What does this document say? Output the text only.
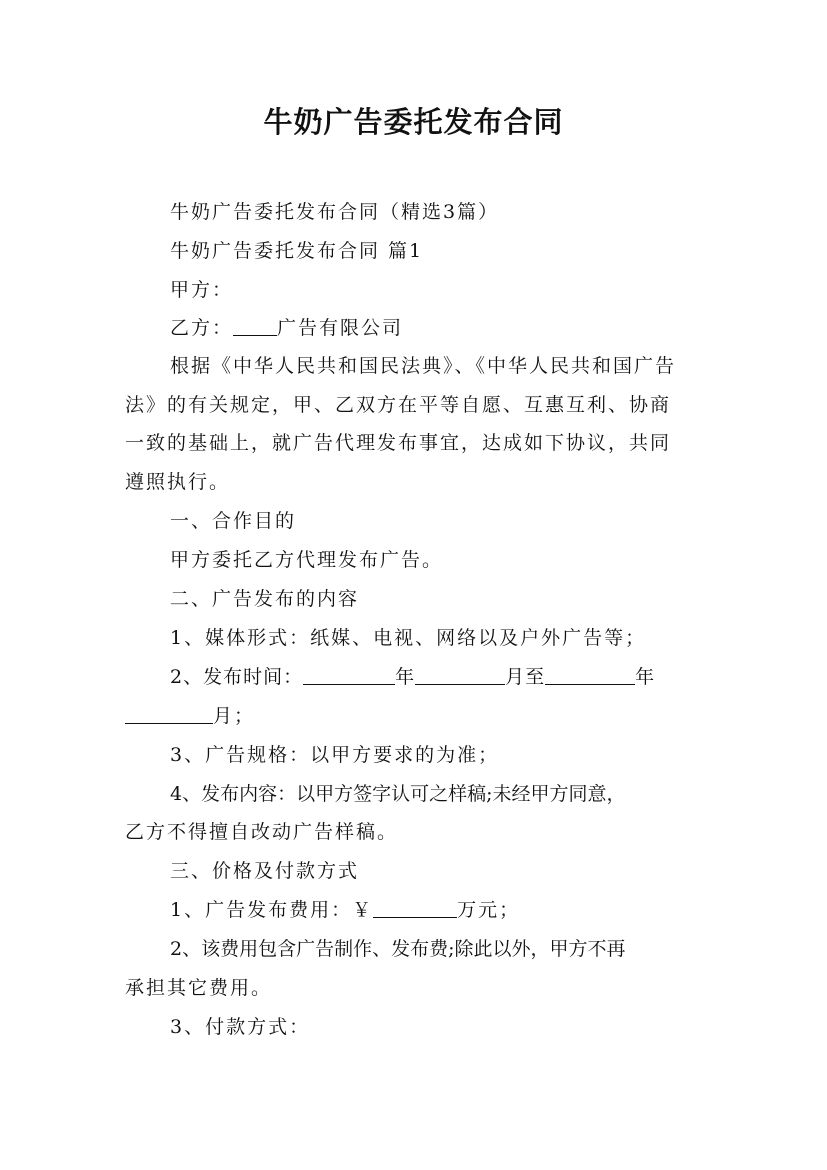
牛奶广告委托发布合同
牛奶广告委托发布合同（精选3篇）
牛奶广告委托发布合同 篇1
甲方：
乙方： 广告有限公司
根据《中华人民共和国民法典》、《中华人民共和国广告
法》的有关规定，甲、乙双方在平等自愿、互惠互利、协商
一致的基础上，就广告代理发布事宜，达成如下协议，共同
遵照执行。
一、合作目的
甲方委托乙方代理发布广告。
二、广告发布的内容
1、媒体形式：纸媒、电视、网络以及户外广告等；
2、发布时间：	年	月至	年
月；
3、广告规格：以甲方要求的为准；
4、发布内容：以甲方签字认可之样稿;未经甲方同意，
乙方不得擅自改动广告样稿。
三、价格及付款方式
1、广告发布费用：￥	万元；
2、该费用包含广告制作、发布费;除此以外，甲方不再
承担其它费用。
3、付款方式：
